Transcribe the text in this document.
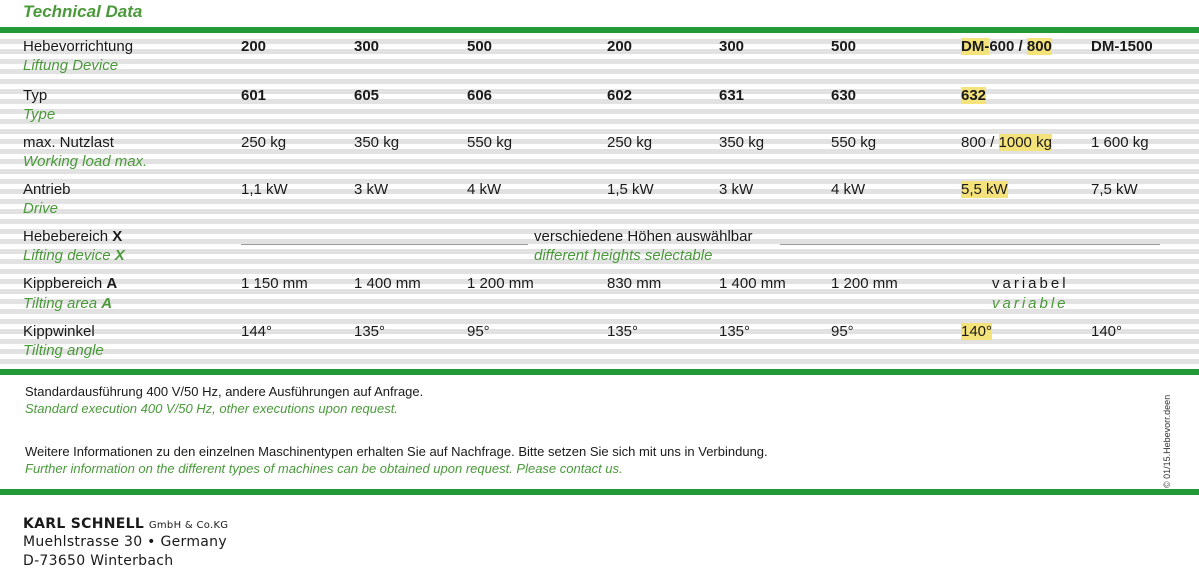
Technical Data
Hebevorrichtung
Liftung Device
200	300	500	200	300	500	DM-600 / 800	DM-1500
Typ
Type
601	605	606	602	631	630	632
max. Nutzlast
Working load max.
250 kg	350 kg	550 kg	250 kg	350 kg	550 kg	800 / 1000 kg	1 600 kg
Antrieb
Drive
1,1 kW	3 kW	4 kW	1,5 kW	3 kW	4 kW	5,5 kW	7,5 kW
Hebebereich X
Lifting device X
verschiedene Höhen auswählbar
different heights selectable
Kippbereich A
Tilting area A
1 150 mm	1 400 mm	1 200 mm	830 mm	1 400 mm	1 200 mm	variabel
variable
Kippwinkel
Tilting angle
144°	135°	95°	135°	135°	95°	140°	140°
Standardausführung 400 V/50 Hz, andere Ausführungen auf Anfrage.
Standard execution 400 V/50 Hz, other executions upon request.
Weitere Informationen zu den einzelnen Maschinentypen erhalten Sie auf Nachfrage. Bitte setzen Sie sich mit uns in Verbindung.
Further information on the different types of machines can be obtained upon request. Please contact us.	© 01/15.Hebevorr.deen
KARL SCHNELL GmbH & Co.KG
Muehlstrasse 30 • Germany
D-73650 Winterbach
